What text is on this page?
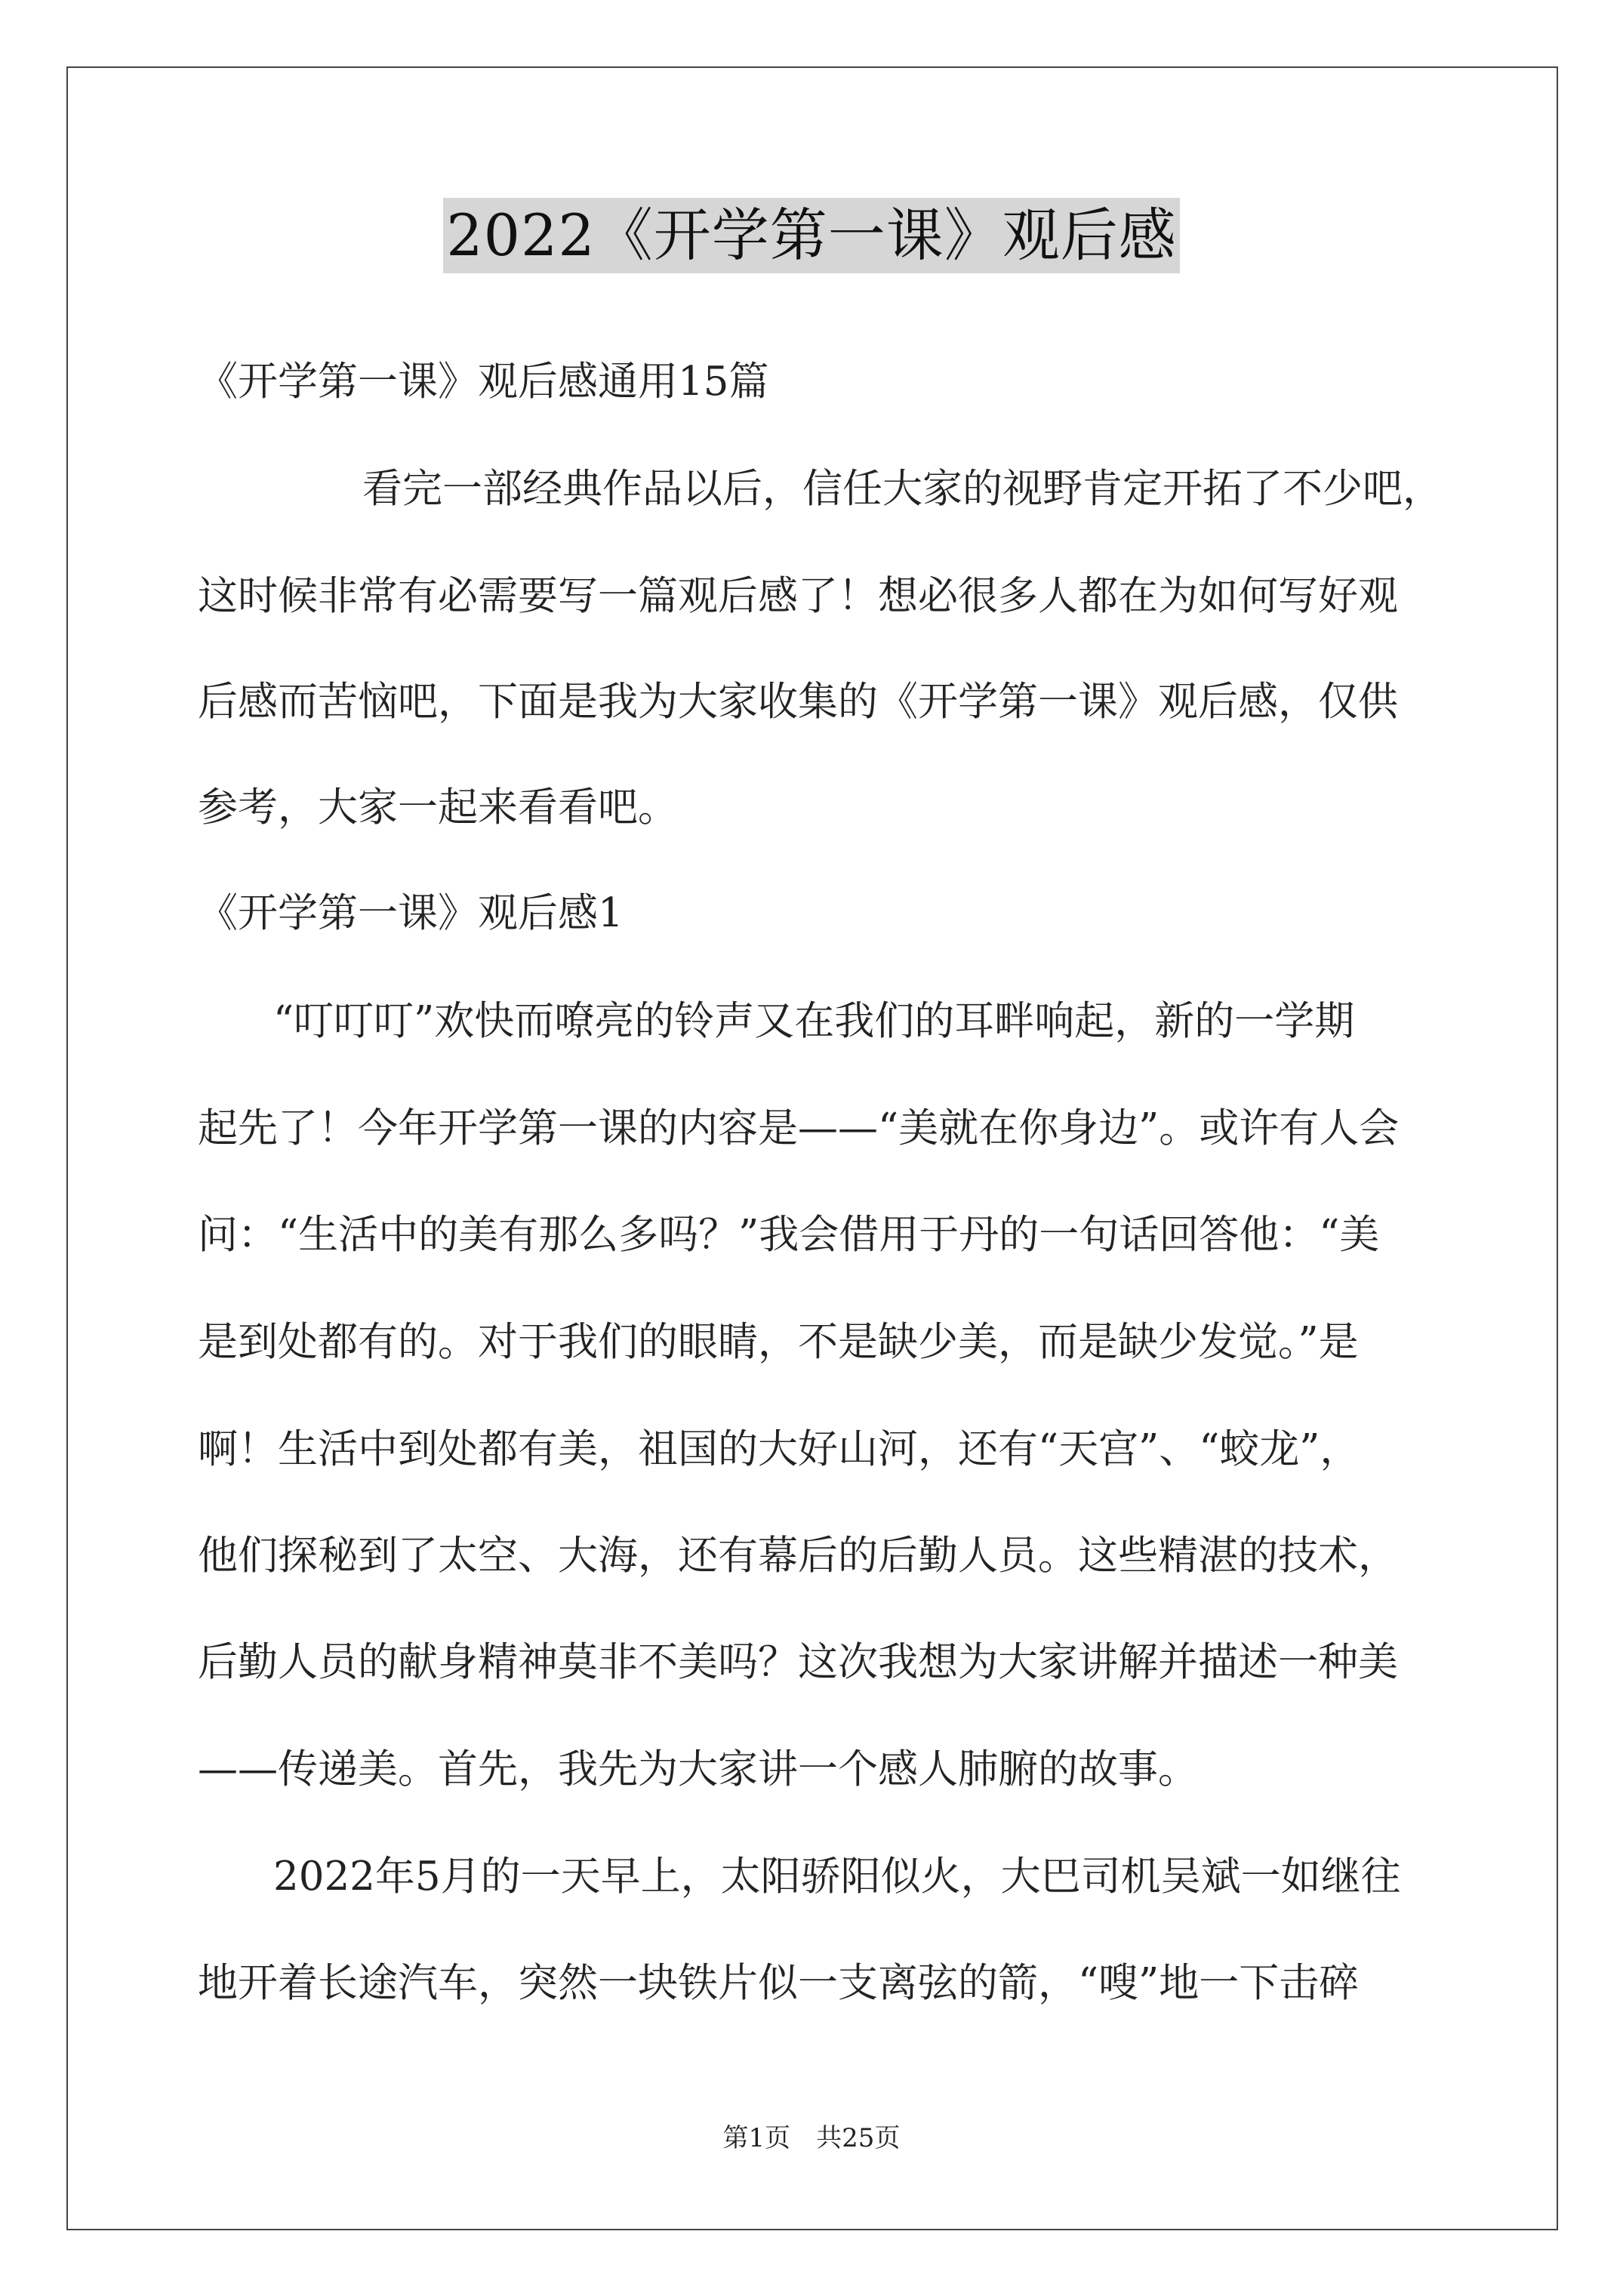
2022《开学第一课》观后感
《开学第一课》观后感通用15篇
看完一部经典作品以后，信任大家的视野肯定开拓了不少吧，
这时候非常有必需要写一篇观后感了！想必很多人都在为如何写好观
后感而苦恼吧，下面是我为大家收集的《开学第一课》观后感，仅供
参考，大家一起来看看吧。
《开学第一课》观后感1
“叮叮叮”欢快而嘹亮的铃声又在我们的耳畔响起，新的一学期
起先了！今年开学第一课的内容是——“美就在你身边”。或许有人会
问：“生活中的美有那么多吗？”我会借用于丹的一句话回答他：“美
是到处都有的。对于我们的眼睛，不是缺少美，而是缺少发觉。”是
啊！生活中到处都有美，祖国的大好山河，还有“天宫”、“蛟龙”，
他们探秘到了太空、大海，还有幕后的后勤人员。这些精湛的技术，
后勤人员的献身精神莫非不美吗？这次我想为大家讲解并描述一种美
——传递美。首先，我先为大家讲一个感人肺腑的故事。
2022年5月的一天早上，太阳骄阳似火，大巴司机吴斌一如继往
地开着长途汽车，突然一块铁片似一支离弦的箭，“嗖”地一下击碎
第1页　共25页
